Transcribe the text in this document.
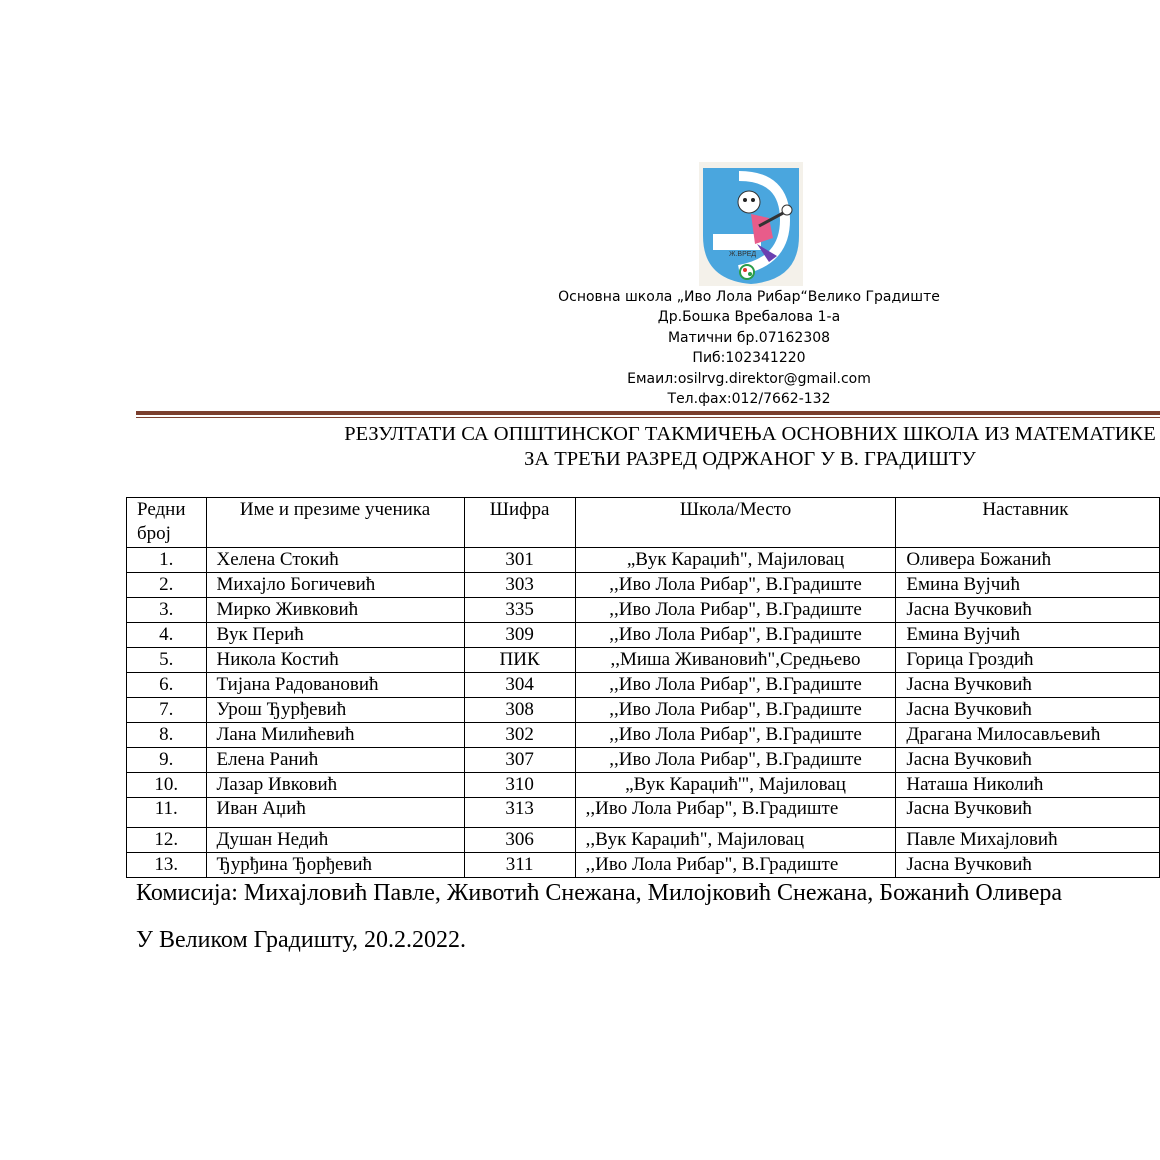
Ж.ВРЕД
Основна школа „Иво Лола Рибар“Велико Градиште
Др.Бошка Вребалова 1-а
Матични бр.07162308
Пиб:102341220
Емаил:osilrvg.direktor@gmail.com
Тел.фах:012/7662-132
РЕЗУЛТАТИ СА ОПШТИНСКОГ ТАКМИЧЕЊА ОСНОВНИХ ШКОЛА ИЗ МАТЕМАТИКЕ
ЗА ТРЕЋИ РАЗРЕД ОДРЖАНОГ У В. ГРАДИШТУ
Редни
број	Име и презиме ученика	Шифра	Школа/Место	Наставник
1.	Хелена Стокић	301	„Вук Караџић", Мајиловац	Оливера Божанић
2.	Михајло Богичевић	303	,,Иво Лола Рибар", В.Градиште	Емина Вујчић
3.	Мирко Живковић	335	,,Иво Лола Рибар", В.Градиште	Јасна Вучковић
4.	Вук Перић	309	,,Иво Лола Рибар", В.Градиште	Емина Вујчић
5.	Никола Костић	ПИК	,,Миша Живановић",Средњево	Горица Гроздић
6.	Тијана Радовановић	304	,,Иво Лола Рибар", В.Градиште	Јасна Вучковић
7.	Урош Ђурђевић	308	,,Иво Лола Рибар", В.Градиште	Јасна Вучковић
8.	Лана Милићевић	302	,,Иво Лола Рибар", В.Градиште	Драгана Милосављевић
9.	Елена Ранић	307	,,Иво Лола Рибар", В.Градиште	Јасна Вучковић
10.	Лазар Ивковић	310	„Вук Караџић'", Мајиловац	Наташа Николић
11.	Иван Аџић	313	,,Иво Лола Рибар", В.Градиште	Јасна Вучковић
12.	Душан Недић	306	,,Вук Караџић", Мајиловац	Павле Михајловић
13.	Ђурђина Ђорђевић	311	,,Иво Лола Рибар", В.Градиште	Јасна Вучковић
Комисија: Михајловић Павле, Животић Снежана, Милојковић Снежана, Божанић Оливера
У Великом Градишту, 20.2.2022.
